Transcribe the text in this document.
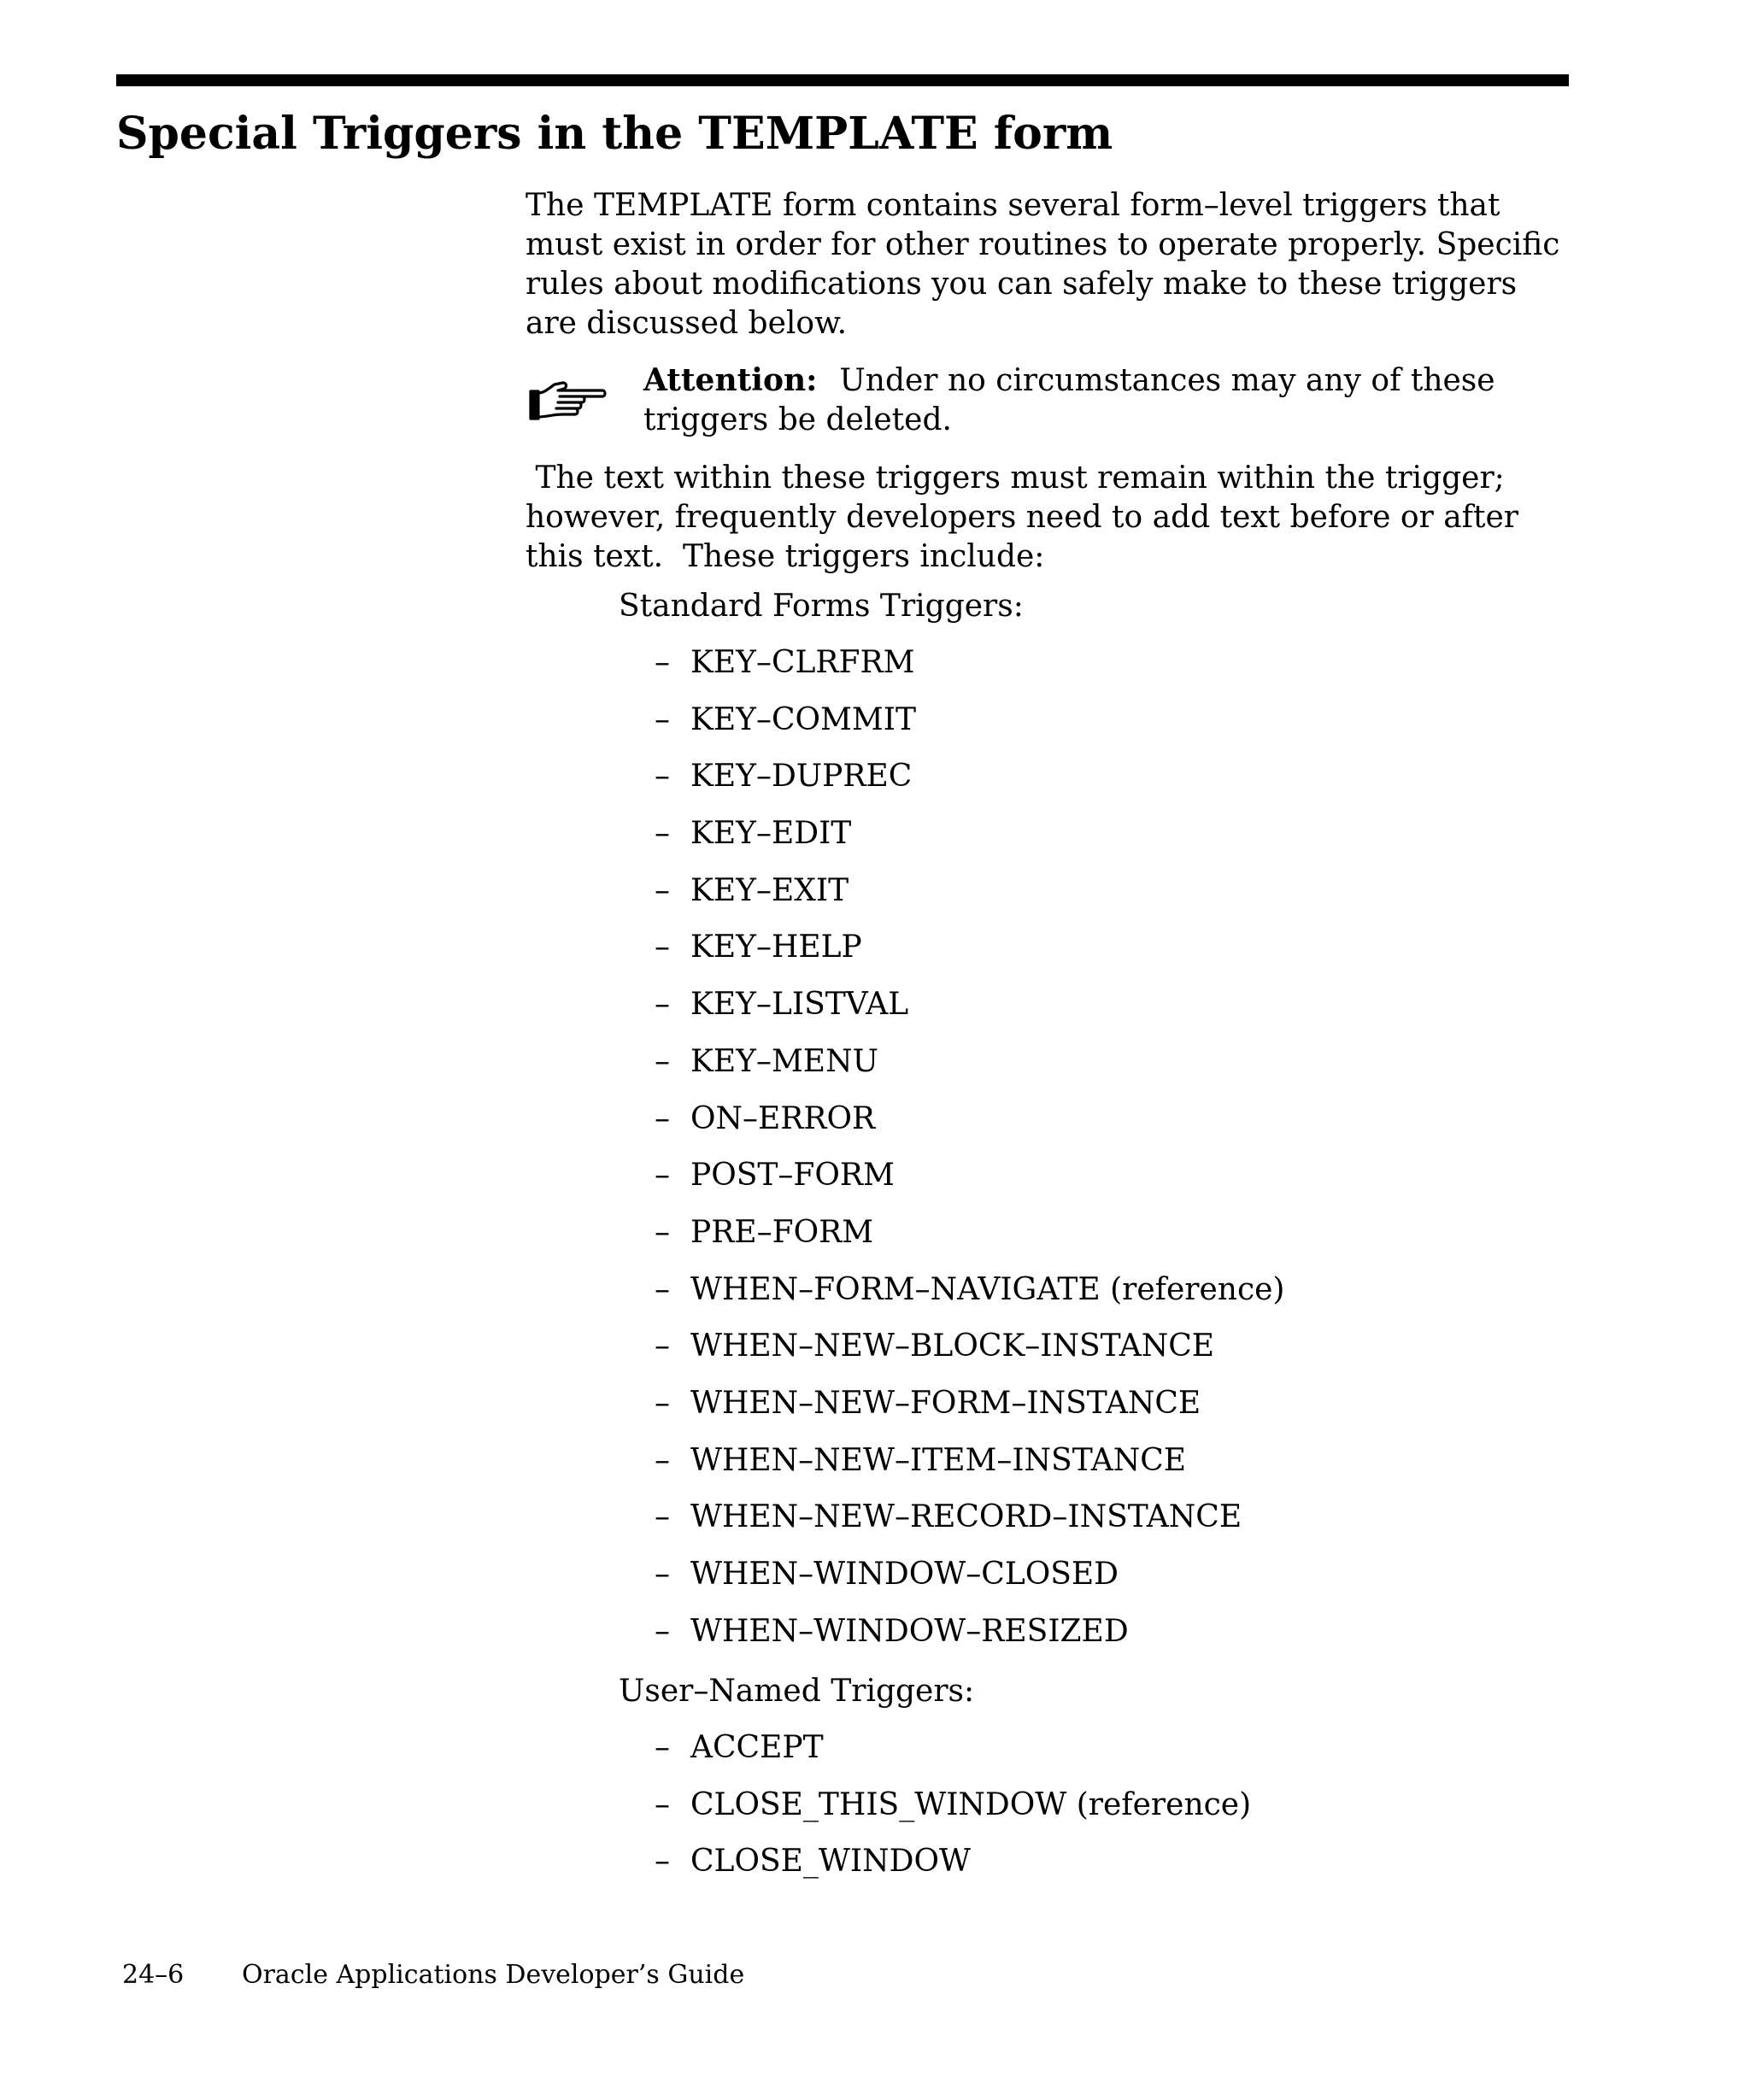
Special Triggers in the TEMPLATE form

The TEMPLATE form contains several form–level triggers that must exist in order for other routines to operate properly. Specific rules about modifications you can safely make to these triggers are discussed below.

Attention: Under no circumstances may any of these triggers be deleted.

The text within these triggers must remain within the trigger; however, frequently developers need to add text before or after this text.  These triggers include:

Standard Forms Triggers:

– KEY–CLRFRM
– KEY–COMMIT
– KEY–DUPREC
– KEY–EDIT
– KEY–EXIT
– KEY–HELP
– KEY–LISTVAL
– KEY–MENU
– ON–ERROR
– POST–FORM
– PRE–FORM
– WHEN–FORM–NAVIGATE (reference)
– WHEN–NEW–BLOCK–INSTANCE
– WHEN–NEW–FORM–INSTANCE
– WHEN–NEW–ITEM–INSTANCE
– WHEN–NEW–RECORD–INSTANCE
– WHEN–WINDOW–CLOSED
– WHEN–WINDOW–RESIZED

User–Named Triggers:

– ACCEPT
– CLOSE_THIS_WINDOW (reference)
– CLOSE_WINDOW
24–6 Oracle Applications Developer’s Guide
